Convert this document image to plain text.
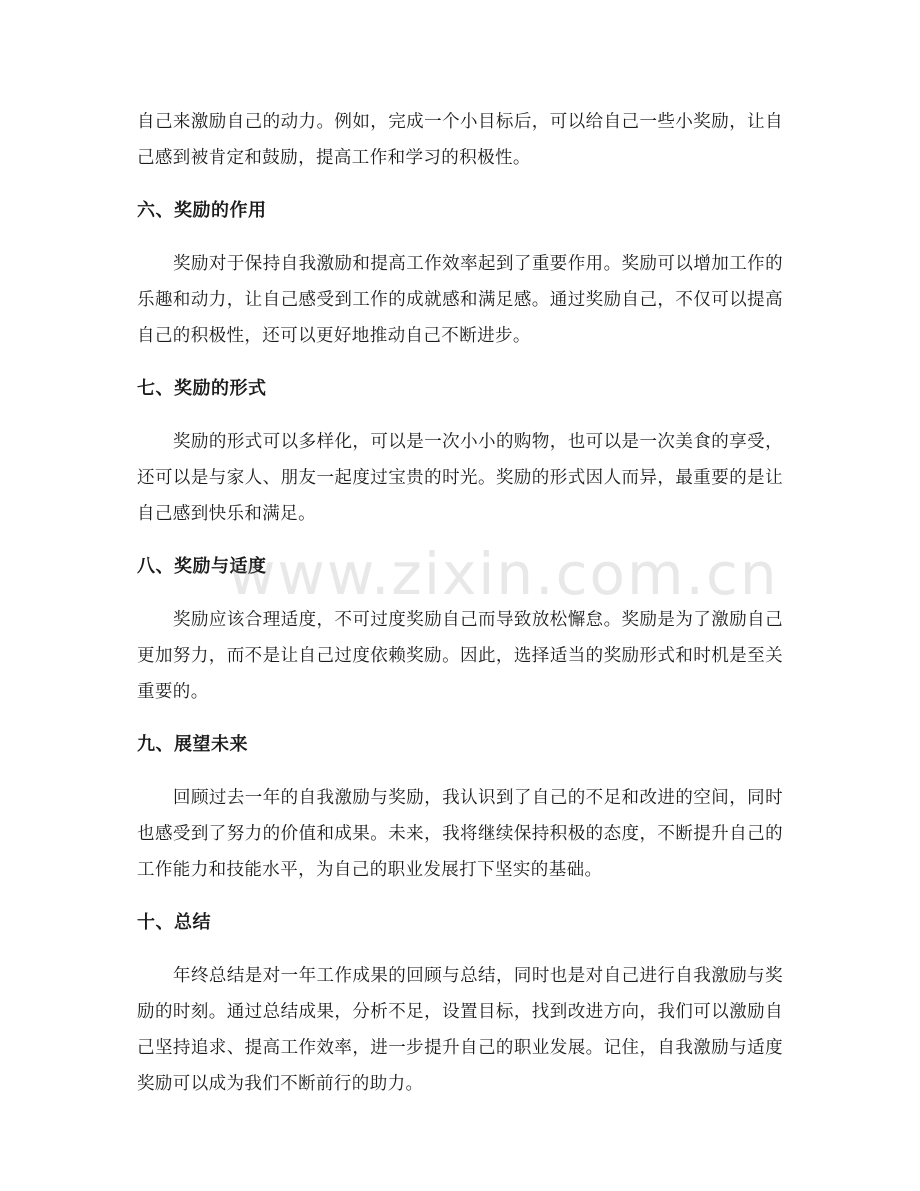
自己来激励自己的动力。例如，完成一个小目标后，可以给自己一些小奖励，让自己感到被肯定和鼓励，提高工作和学习的积极性。

六、奖励的作用

奖励对于保持自我激励和提高工作效率起到了重要作用。奖励可以增加工作的乐趣和动力，让自己感受到工作的成就感和满足感。通过奖励自己，不仅可以提高自己的积极性，还可以更好地推动自己不断进步。

七、奖励的形式

奖励的形式可以多样化，可以是一次小小的购物，也可以是一次美食的享受，还可以是与家人、朋友一起度过宝贵的时光。奖励的形式因人而异，最重要的是让自己感到快乐和满足。

八、奖励与适度

奖励应该合理适度，不可过度奖励自己而导致放松懈怠。奖励是为了激励自己更加努力，而不是让自己过度依赖奖励。因此，选择适当的奖励形式和时机是至关重要的。

九、展望未来

回顾过去一年的自我激励与奖励，我认识到了自己的不足和改进的空间，同时也感受到了努力的价值和成果。未来，我将继续保持积极的态度，不断提升自己的工作能力和技能水平，为自己的职业发展打下坚实的基础。

十、总结

年终总结是对一年工作成果的回顾与总结，同时也是对自己进行自我激励与奖励的时刻。通过总结成果，分析不足，设置目标，找到改进方向，我们可以激励自己坚持追求、提高工作效率，进一步提升自己的职业发展。记住，自我激励与适度奖励可以成为我们不断前行的助力。

www.zixin.com.cn
